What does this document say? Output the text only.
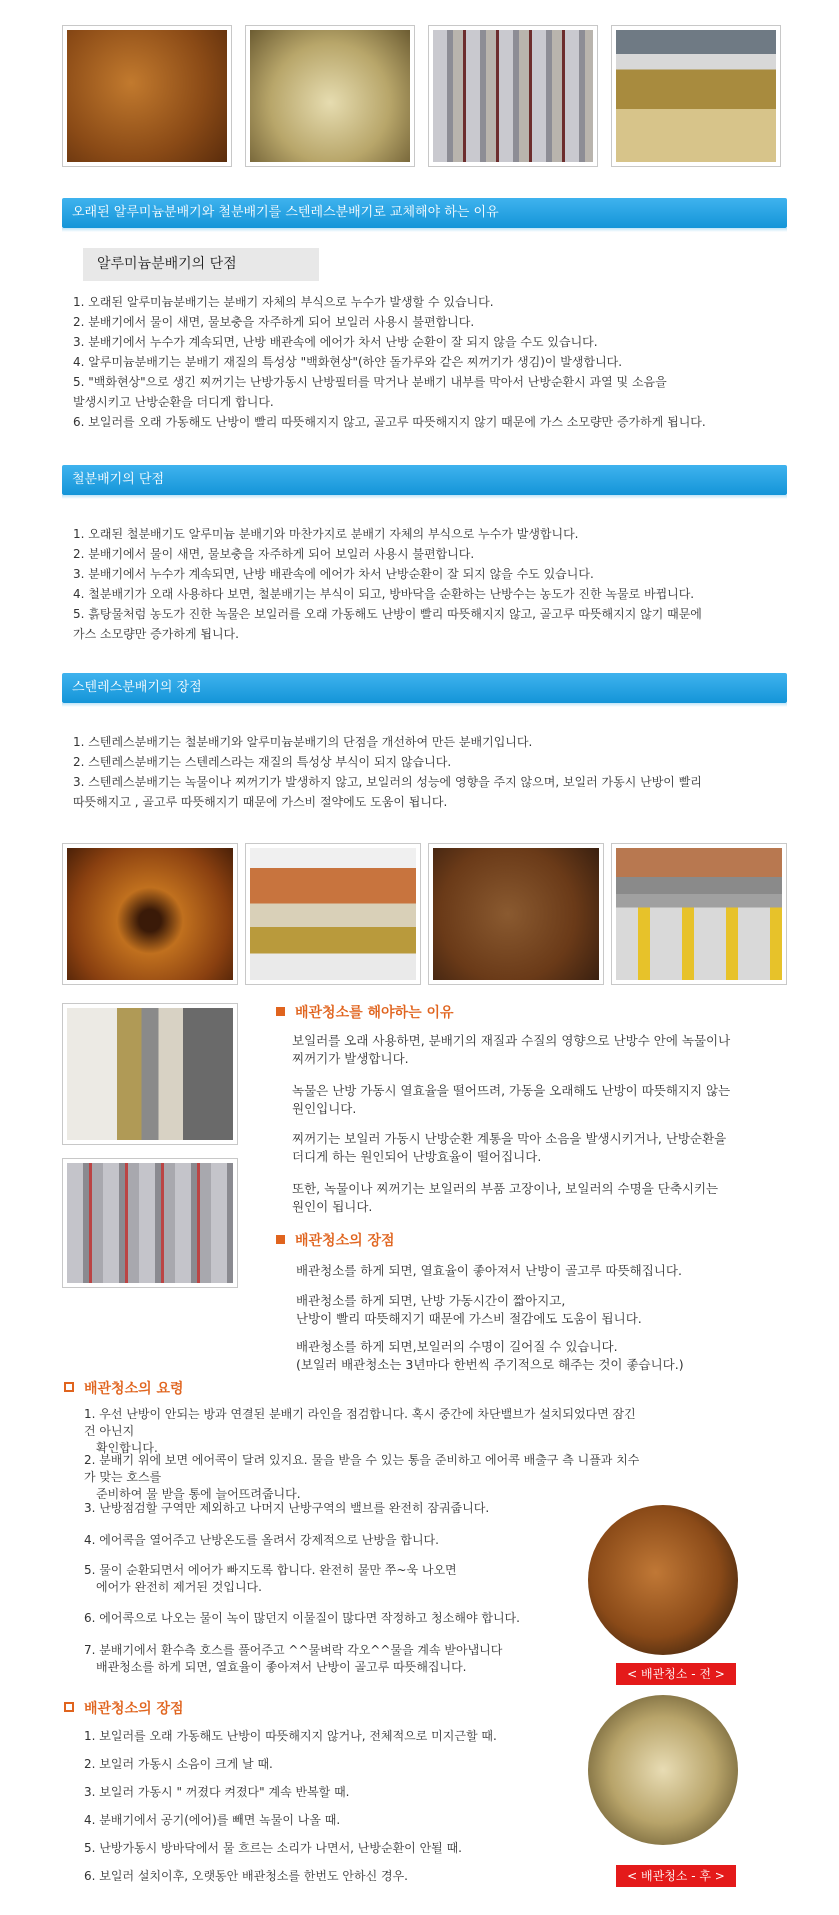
오래된 알루미늄분배기와 철분배기를 스텐레스분배기로 교체해야 하는 이유
알루미늄분배기의 단점
1. 오래된 알루미늄분배기는 분배기 자체의 부식으로 누수가 발생할 수 있습니다.
2. 분배기에서 물이 새면, 물보충을 자주하게 되어 보일러 사용시 불편합니다.
3. 분배기에서 누수가 계속되면, 난방 배관속에 에어가 차서 난방 순환이 잘 되지 않을 수도 있습니다.
4. 알루미늄분배기는 분배기 재질의 특성상 "백화현상"(하얀 돌가루와 같은 찌꺼기가 생김)이 발생합니다.
5. "백화현상"으로 생긴 찌꺼기는 난방가동시 난방필터를 막거나 분배기 내부를 막아서 난방순환시 과열 및 소음을
발생시키고 난방순환을 더디게 합니다.
6. 보일러를 오래 가동해도 난방이 빨리 따뜻해지지 않고, 골고루 따뜻해지지 않기 때문에 가스 소모량만 증가하게 됩니다.
철분배기의 단점
1. 오래된 철분배기도 알루미늄 분배기와 마찬가지로 분배기 자체의 부식으로 누수가 발생합니다.
2. 분배기에서 물이 새면, 물보충을 자주하게 되어 보일러 사용시 불편합니다.
3. 분배기에서 누수가 계속되면, 난방 배관속에 에어가 차서 난방순환이 잘 되지 않을 수도 있습니다.
4. 철분배기가 오래 사용하다 보면, 철분배기는 부식이 되고, 방바닥을 순환하는 난방수는 농도가 진한 녹물로 바뀝니다.
5. 흙탕물처럼 농도가 진한 녹물은 보일러를 오래 가동해도 난방이 빨리 따뜻해지지 않고, 골고루 따뜻해지지 않기 때문에
가스 소모량만 증가하게 됩니다.
스텐레스분배기의 장점
1. 스텐레스분배기는 철분배기와 알루미늄분배기의 단점을 개선하여 만든 분배기입니다.
2. 스텐레스분배기는 스텐레스라는 재질의 특성상 부식이 되지 않습니다.
3. 스텐레스분배기는 녹물이나 찌꺼기가 발생하지 않고, 보일러의 성능에 영향을 주지 않으며, 보일러 가동시 난방이 빨리
따뜻해지고 , 골고루 따뜻해지기 때문에 가스비 절약에도 도움이 됩니다.
배관청소를 해야하는 이유
보일러를 오래 사용하면, 분배기의 재질과 수질의 영향으로 난방수 안에 녹물이나
찌꺼기가 발생합니다.
녹물은 난방 가동시 열효율을 떨어뜨려, 가동을 오래해도 난방이 따뜻해지지 않는
원인입니다.
찌꺼기는 보일러 가동시 난방순환 계통을 막아 소음을 발생시키거나, 난방순환을
더디게 하는 원인되어 난방효율이 떨어집니다.
또한, 녹물이나 찌꺼기는 보일러의 부품 고장이나, 보일러의 수명을 단축시키는
원인이 됩니다.
배관청소의 장점
배관청소를 하게 되면, 열효율이 좋아져서 난방이 골고루 따뜻해집니다.
배관청소를 하게 되면, 난방 가동시간이 짧아지고,
난방이 빨리 따뜻해지기 때문에 가스비 절감에도 도움이 됩니다.
배관청소를 하게 되면,보일러의 수명이 길어질 수 있습니다.
(보일러 배관청소는 3년마다 한번씩 주기적으로 해주는 것이 좋습니다.)
배관청소의 요령
1. 우선 난방이 안되는 방과 연결된 분배기 라인을 점검합니다. 혹시 중간에 차단밸브가 설치되었다면 잠긴 건 아닌지
확인합니다.
2. 분배기 위에 보면 에어콕이 달려 있지요. 물을 받을 수 있는 통을 준비하고 에어콕 배출구 측 니플과 치수가 맞는 호스를
준비하여 물 받을 통에 늘어뜨려줍니다.
3. 난방점검할 구역만 제외하고 나머지 난방구역의 밸브를 완전히 잠궈줍니다.
4. 에어콕을 열어주고 난방온도를 올려서 강제적으로 난방을 합니다.
5. 물이 순환되면서 에어가 빠지도록 합니다. 완전히 물만 쭈~욱 나오면
에어가 완전히 제거된 것입니다.
6. 에어콕으로 나오는 물이 녹이 많던지 이물질이 많다면 작정하고 청소해야 합니다.
7. 분배기에서 환수측 호스를 풀어주고 ^^물벼락 각오^^물을 계속 받아냅니다
배관청소를 하게 되면, 열효율이 좋아져서 난방이 골고루 따뜻해집니다.	< 배관청소 - 전 >
배관청소의 장점
1. 보일러를 오래 가동해도 난방이 따뜻해지지 않거나, 전체적으로 미지근할 때.
2. 보일러 가동시 소음이 크게 날 때.
3. 보일러 가동시 " 꺼졌다 켜졌다" 계속 반복할 때.
4. 분배기에서 공기(에어)를 빼면 녹물이 나올 때.
5. 난방가동시 방바닥에서 물 흐르는 소리가 나면서, 난방순환이 안될 때.
6. 보일러 설치이후, 오랫동안 배관청소를 한번도 안하신 경우.	< 배관청소 - 후 >
